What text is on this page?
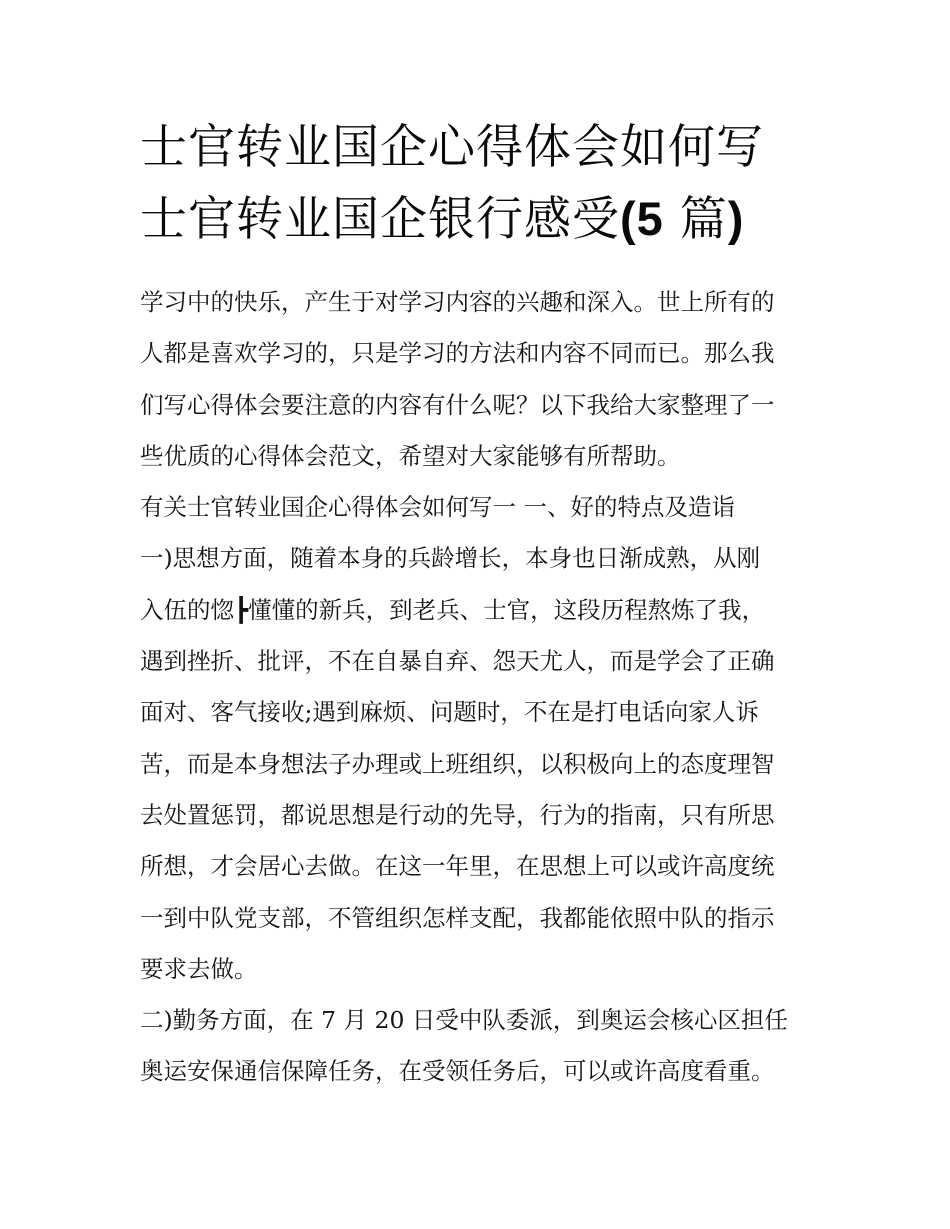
士官转业国企心得体会如何写
士官转业国企银行感受(5 篇)
学习中的快乐，产生于对学习内容的兴趣和深入。世上所有的
人都是喜欢学习的，只是学习的方法和内容不同而已。那么我
们写心得体会要注意的内容有什么呢？以下我给大家整理了一
些优质的心得体会范文，希望对大家能够有所帮助。
有关士官转业国企心得体会如何写一 一、好的特点及造诣
一)思想方面，随着本身的兵龄增长，本身也日渐成熟，从刚
入伍的惚┣懂懂的新兵，到老兵、士官，这段历程熬炼了我，
遇到挫折、批评，不在自暴自弃、怨天尤人，而是学会了正确
面对、客气接收;遇到麻烦、问题时，不在是打电话向家人诉
苦，而是本身想法子办理或上班组织，以积极向上的态度理智
去处置惩罚，都说思想是行动的先导，行为的指南，只有所思
所想，才会居心去做。在这一年里，在思想上可以或许高度统
一到中队党支部，不管组织怎样支配，我都能依照中队的指示
要求去做。
二)勤务方面，在 7 月 20 日受中队委派，到奥运会核心区担任
奥运安保通信保障任务，在受领任务后，可以或许高度看重。
